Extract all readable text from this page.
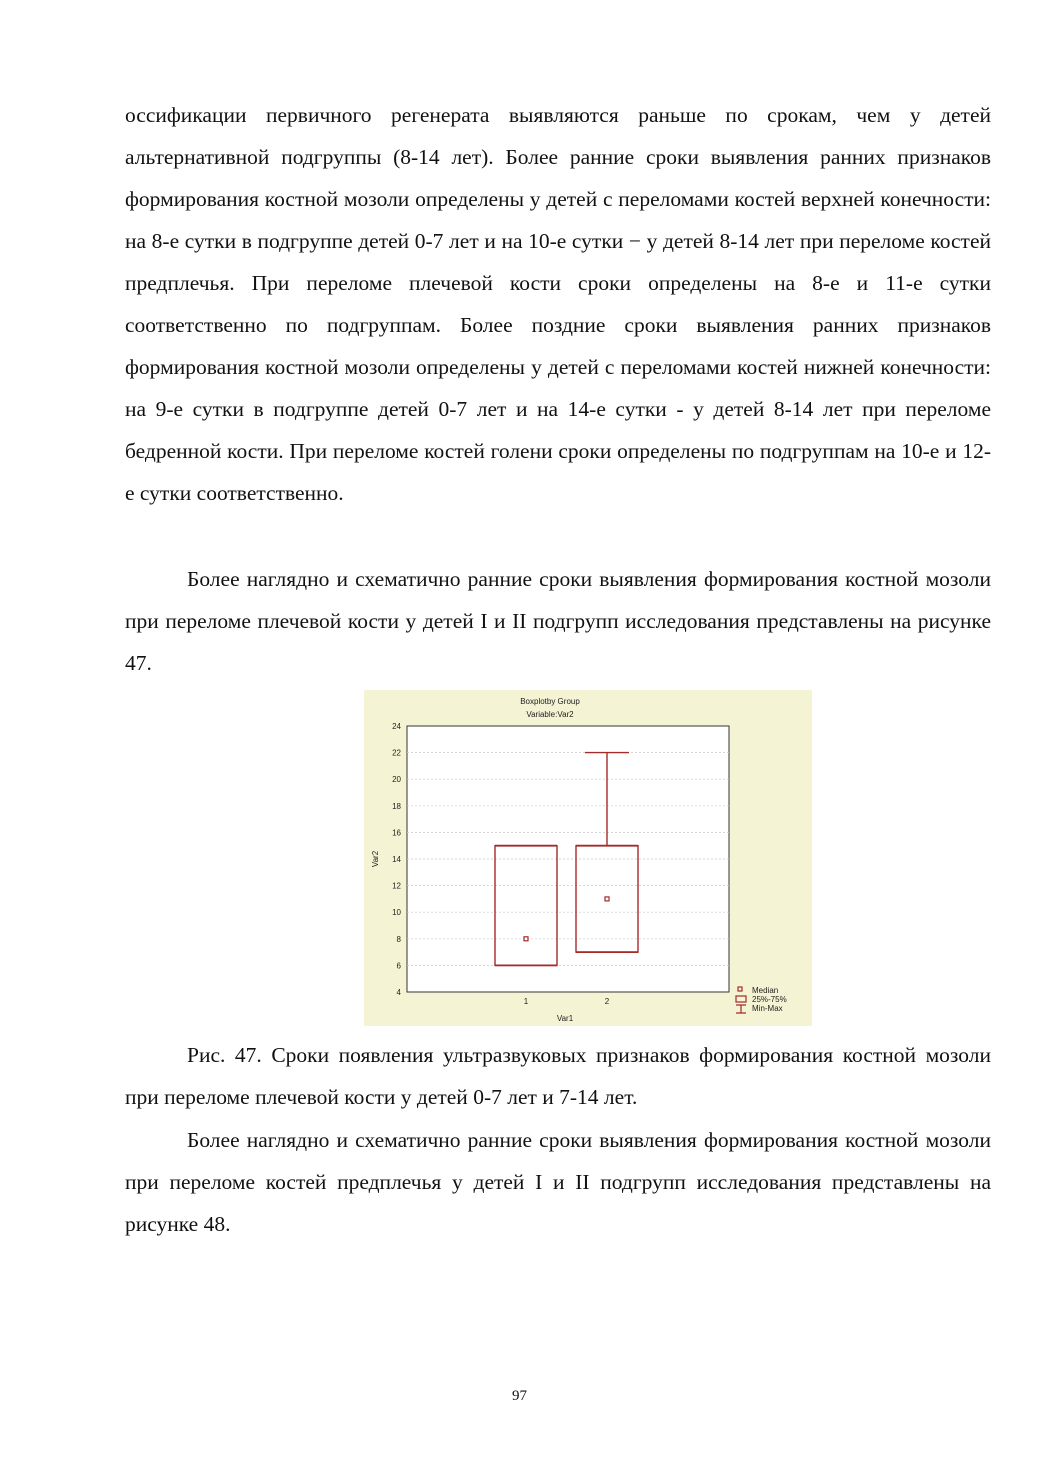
оссификации первичного регенерата выявляются раньше по срокам, чем у детей альтернативной подгруппы (8-14 лет). Более ранние сроки выявления ранних признаков формирования костной мозоли определены у детей с переломами костей верхней конечности: на 8-е сутки в подгруппе детей 0-7 лет и на 10-е сутки − у детей 8-14 лет при переломе костей предплечья. При переломе плечевой кости сроки определены на 8-е и 11-е сутки соответственно по подгруппам. Более поздние сроки выявления ранних признаков формирования костной мозоли определены у детей с переломами костей нижней конечности: на 9-е сутки в подгруппе детей 0-7 лет и на 14-е сутки - у детей 8-14 лет при переломе бедренной кости. При переломе костей голени сроки определены по подгруппам на 10-е и 12-е сутки соответственно.

Более наглядно и схематично ранние сроки выявления формирования костной мозоли при переломе плечевой кости у детей I и II подгрупп исследования представлены на рисунке 47.

4
6
8
10
12
14
16
18
20
22
24
1	2
Boxplotby Group
Variable:Var2
Var1
Var2
Median
25%-75%
Min-Max

Рис. 47. Сроки появления ультразвуковых признаков формирования костной мозоли при переломе плечевой кости у детей 0-7 лет и 7-14 лет.

Более наглядно и схематично ранние сроки выявления формирования костной мозоли при переломе костей предплечья у детей I и II подгрупп исследования представлены на рисунке 48.

97
